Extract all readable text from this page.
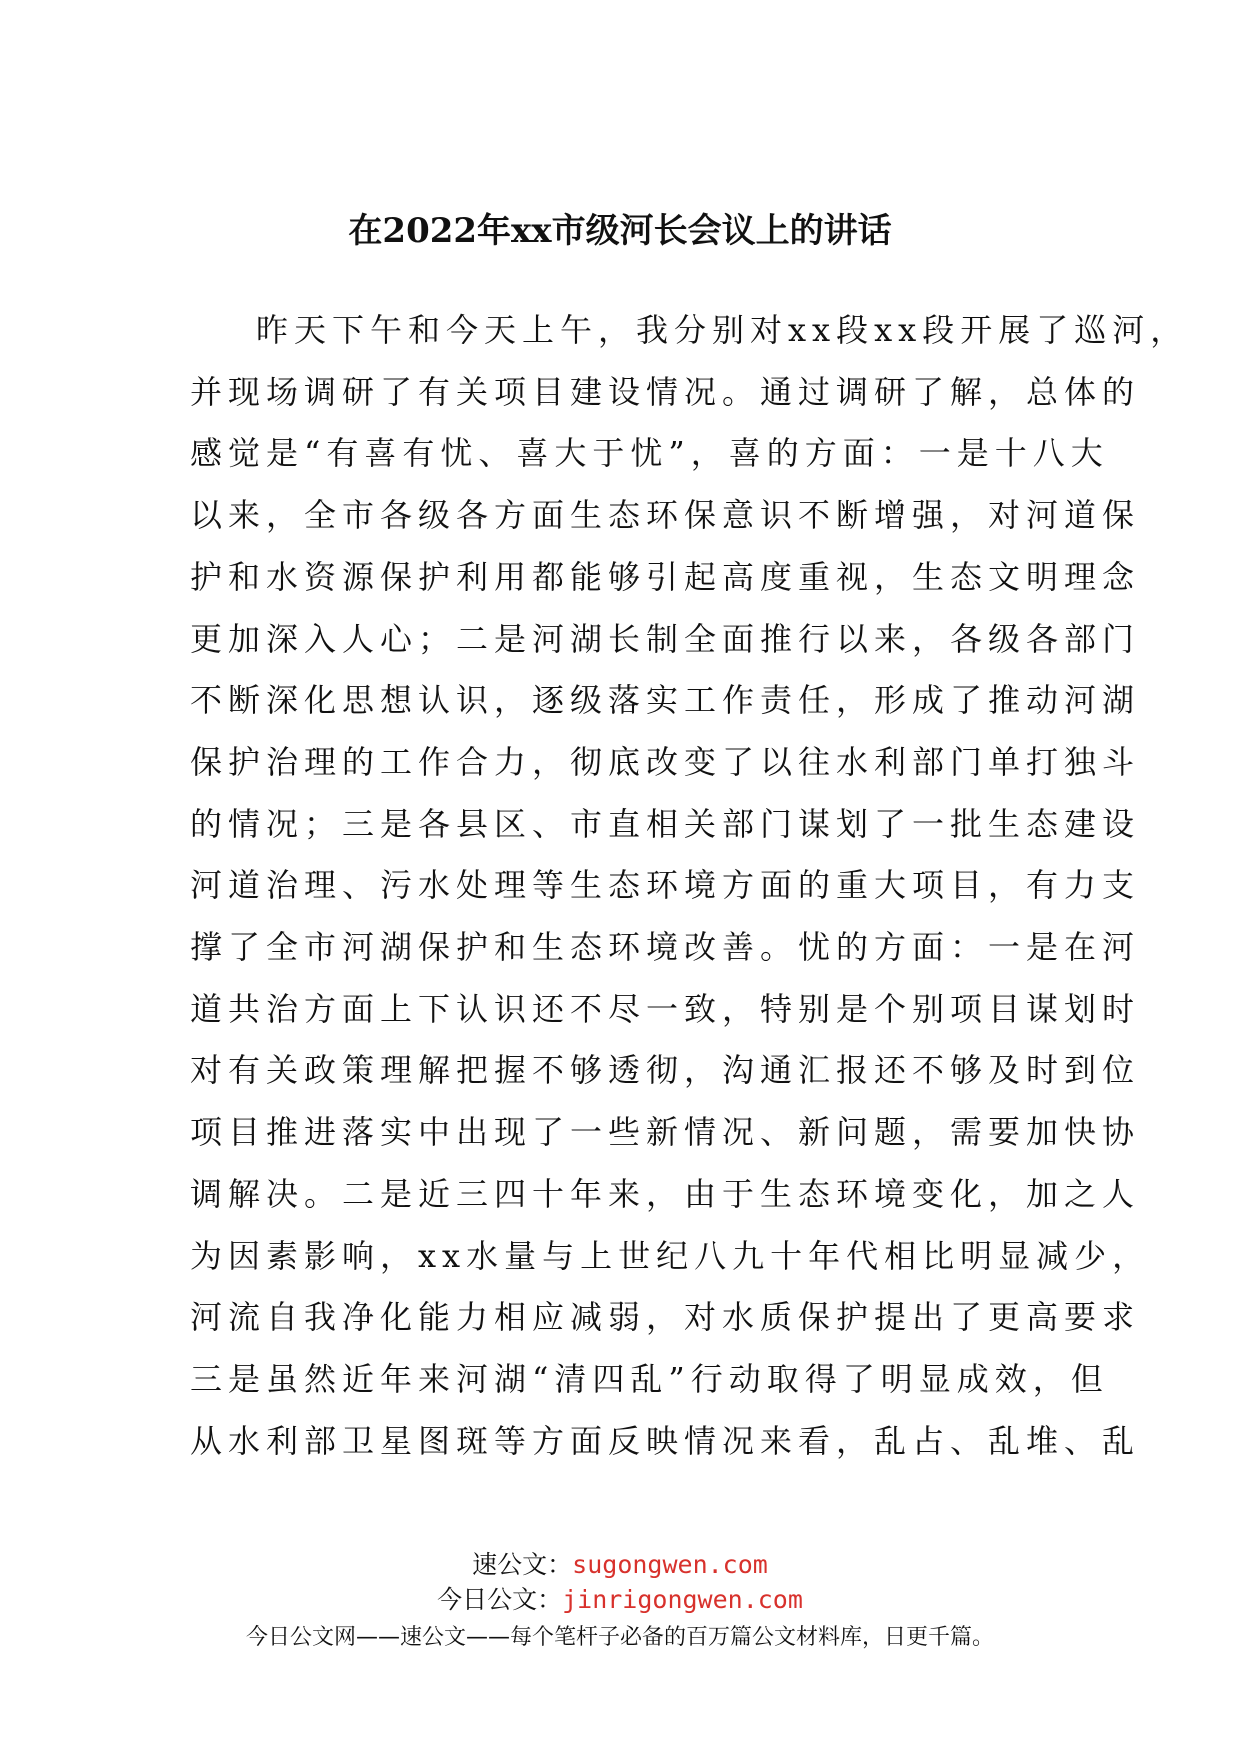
在2022年xx市级河长会议上的讲话
昨天下午和今天上午，我分别对xx段xx段开展了巡河，
并现场调研了有关项目建设情况。通过调研了解，总体的
感觉是“有喜有忧、喜大于忧”，喜的方面：一是十八大
以来，全市各级各方面生态环保意识不断增强，对河道保
护和水资源保护利用都能够引起高度重视，生态文明理念
更加深入人心；二是河湖长制全面推行以来，各级各部门
不断深化思想认识，逐级落实工作责任，形成了推动河湖
保护治理的工作合力，彻底改变了以往水利部门单打独斗
的情况；三是各县区、市直相关部门谋划了一批生态建设
河道治理、污水处理等生态环境方面的重大项目，有力支
撑了全市河湖保护和生态环境改善。忧的方面：一是在河
道共治方面上下认识还不尽一致，特别是个别项目谋划时
对有关政策理解把握不够透彻，沟通汇报还不够及时到位
项目推进落实中出现了一些新情况、新问题，需要加快协
调解决。二是近三四十年来，由于生态环境变化，加之人
为因素影响，xx水量与上世纪八九十年代相比明显减少，
河流自我净化能力相应减弱，对水质保护提出了更高要求
三是虽然近年来河湖“清四乱”行动取得了明显成效，但
从水利部卫星图斑等方面反映情况来看，乱占、乱堆、乱
速公文：sugongwen.com
今日公文：jinrigongwen.com
今日公文网——速公文——每个笔杆子必备的百万篇公文材料库，日更千篇。
